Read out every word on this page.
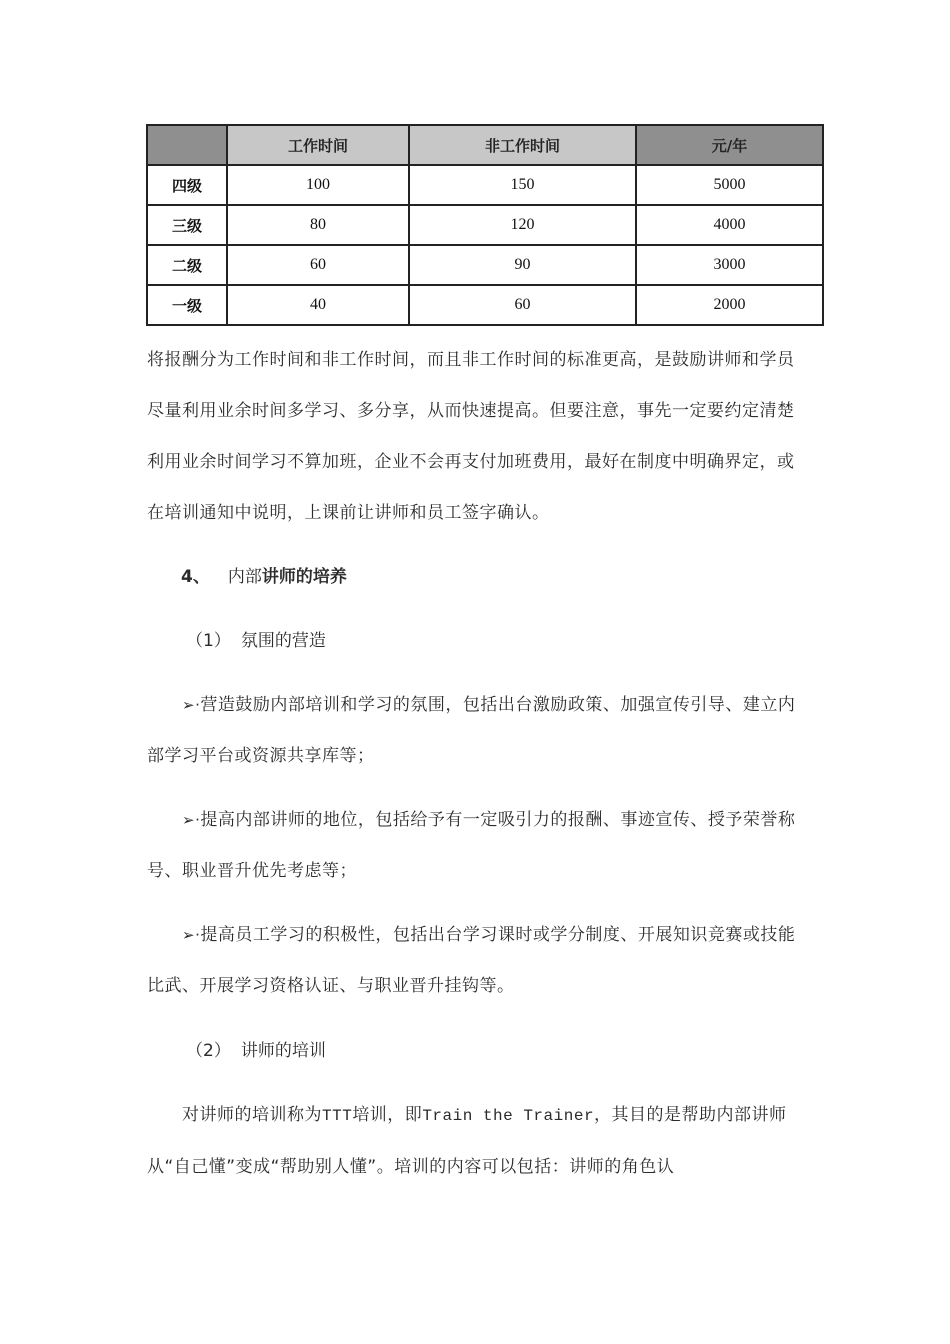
	工作时间	非工作时间	元/年
四级	100	150	5000
三级	80	120	4000
二级	60	90	3000
一级	40	60	2000

将报酬分为工作时间和非工作时间，而且非工作时间的标准更高，是鼓励讲师和学员尽量利用业余时间多学习、多分享，从而快速提高。但要注意，事先一定要约定清楚利用业余时间学习不算加班，企业不会再支付加班费用，最好在制度中明确界定，或在培训通知中说明，上课前让讲师和员工签字确认。

4、 内部讲师的培养
（1） 氛围的营造

➢·营造鼓励内部培训和学习的氛围，包括出台激励政策、加强宣传引导、建立内部学习平台或资源共享库等；

➢·提高内部讲师的地位，包括给予有一定吸引力的报酬、事迹宣传、授予荣誉称号、职业晋升优先考虑等；

➢·提高员工学习的积极性，包括出台学习课时或学分制度、开展知识竞赛或技能比武、开展学习资格认证、与职业晋升挂钩等。

（2） 讲师的培训

对讲师的培训称为TTT培训，即Train the Trainer，其目的是帮助内部讲师从“自己懂”变成“帮助别人懂”。培训的内容可以包括：讲师的角色认
